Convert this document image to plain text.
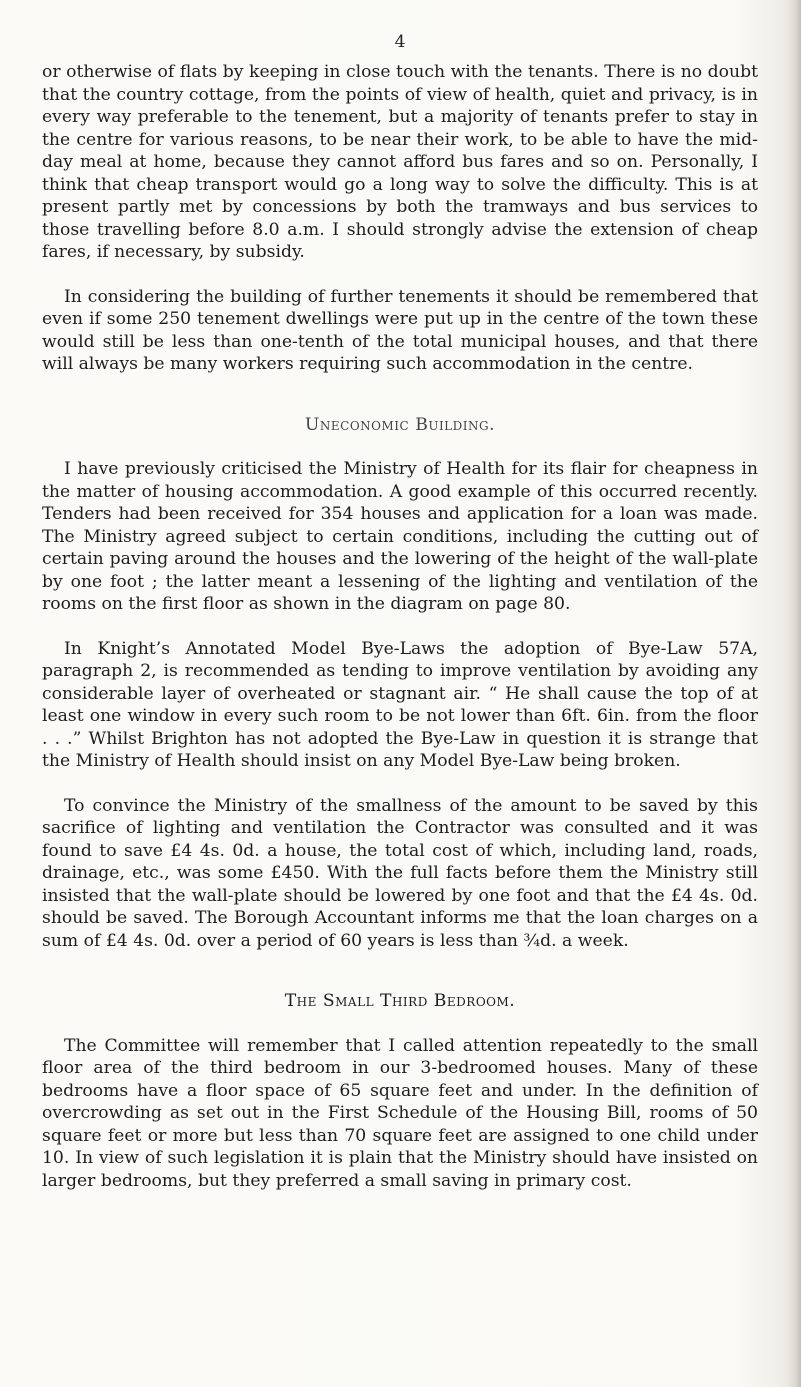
4

or otherwise of flats by keeping in close touch with the tenants. There is no doubt that the country cottage, from the points of view of health, quiet and privacy, is in every way preferable to the tenement, but a majority of tenants prefer to stay in the centre for various reasons, to be near their work, to be able to have the mid-day meal at home, because they cannot afford bus fares and so on. Personally, I think that cheap transport would go a long way to solve the difficulty. This is at present partly met by concessions by both the tramways and bus services to those travelling before 8.0 a.m. I should strongly advise the extension of cheap fares, if necessary, by subsidy.

In considering the building of further tenements it should be remembered that even if some 250 tenement dwellings were put up in the centre of the town these would still be less than one-tenth of the total municipal houses, and that there will always be many workers requiring such accommodation in the centre.

Uneconomic Building.

I have previously criticised the Ministry of Health for its flair for cheapness in the matter of housing accommodation. A good example of this occurred recently. Tenders had been received for 354 houses and application for a loan was made. The Ministry agreed subject to certain conditions, including the cutting out of certain paving around the houses and the lowering of the height of the wall-plate by one foot ; the latter meant a lessening of the lighting and ventilation of the rooms on the first floor as shown in the diagram on page 80.

In Knight’s Annotated Model Bye-Laws the adoption of Bye-Law 57A, paragraph 2, is recommended as tending to improve ventilation by avoiding any considerable layer of overheated or stagnant air. “ He shall cause the top of at least one window in every such room to be not lower than 6ft. 6in. from the floor . . .” Whilst Brighton has not adopted the Bye-Law in question it is strange that the Ministry of Health should insist on any Model Bye-Law being broken.

To convince the Ministry of the smallness of the amount to be saved by this sacrifice of lighting and ventilation the Contractor was consulted and it was found to save £4 4s. 0d. a house, the total cost of which, including land, roads, drainage, etc., was some £450. With the full facts before them the Ministry still insisted that the wall-plate should be lowered by one foot and that the £4 4s. 0d. should be saved. The Borough Accountant informs me that the loan charges on a sum of £4 4s. 0d. over a period of 60 years is less than ¾d. a week.

The Small Third Bedroom.

The Committee will remember that I called attention repeatedly to the small floor area of the third bedroom in our 3-bedroomed houses. Many of these bedrooms have a floor space of 65 square feet and under. In the definition of overcrowding as set out in the First Schedule of the Housing Bill, rooms of 50 square feet or more but less than 70 square feet are assigned to one child under 10. In view of such legislation it is plain that the Ministry should have insisted on larger bedrooms, but they preferred a small saving in primary cost.
